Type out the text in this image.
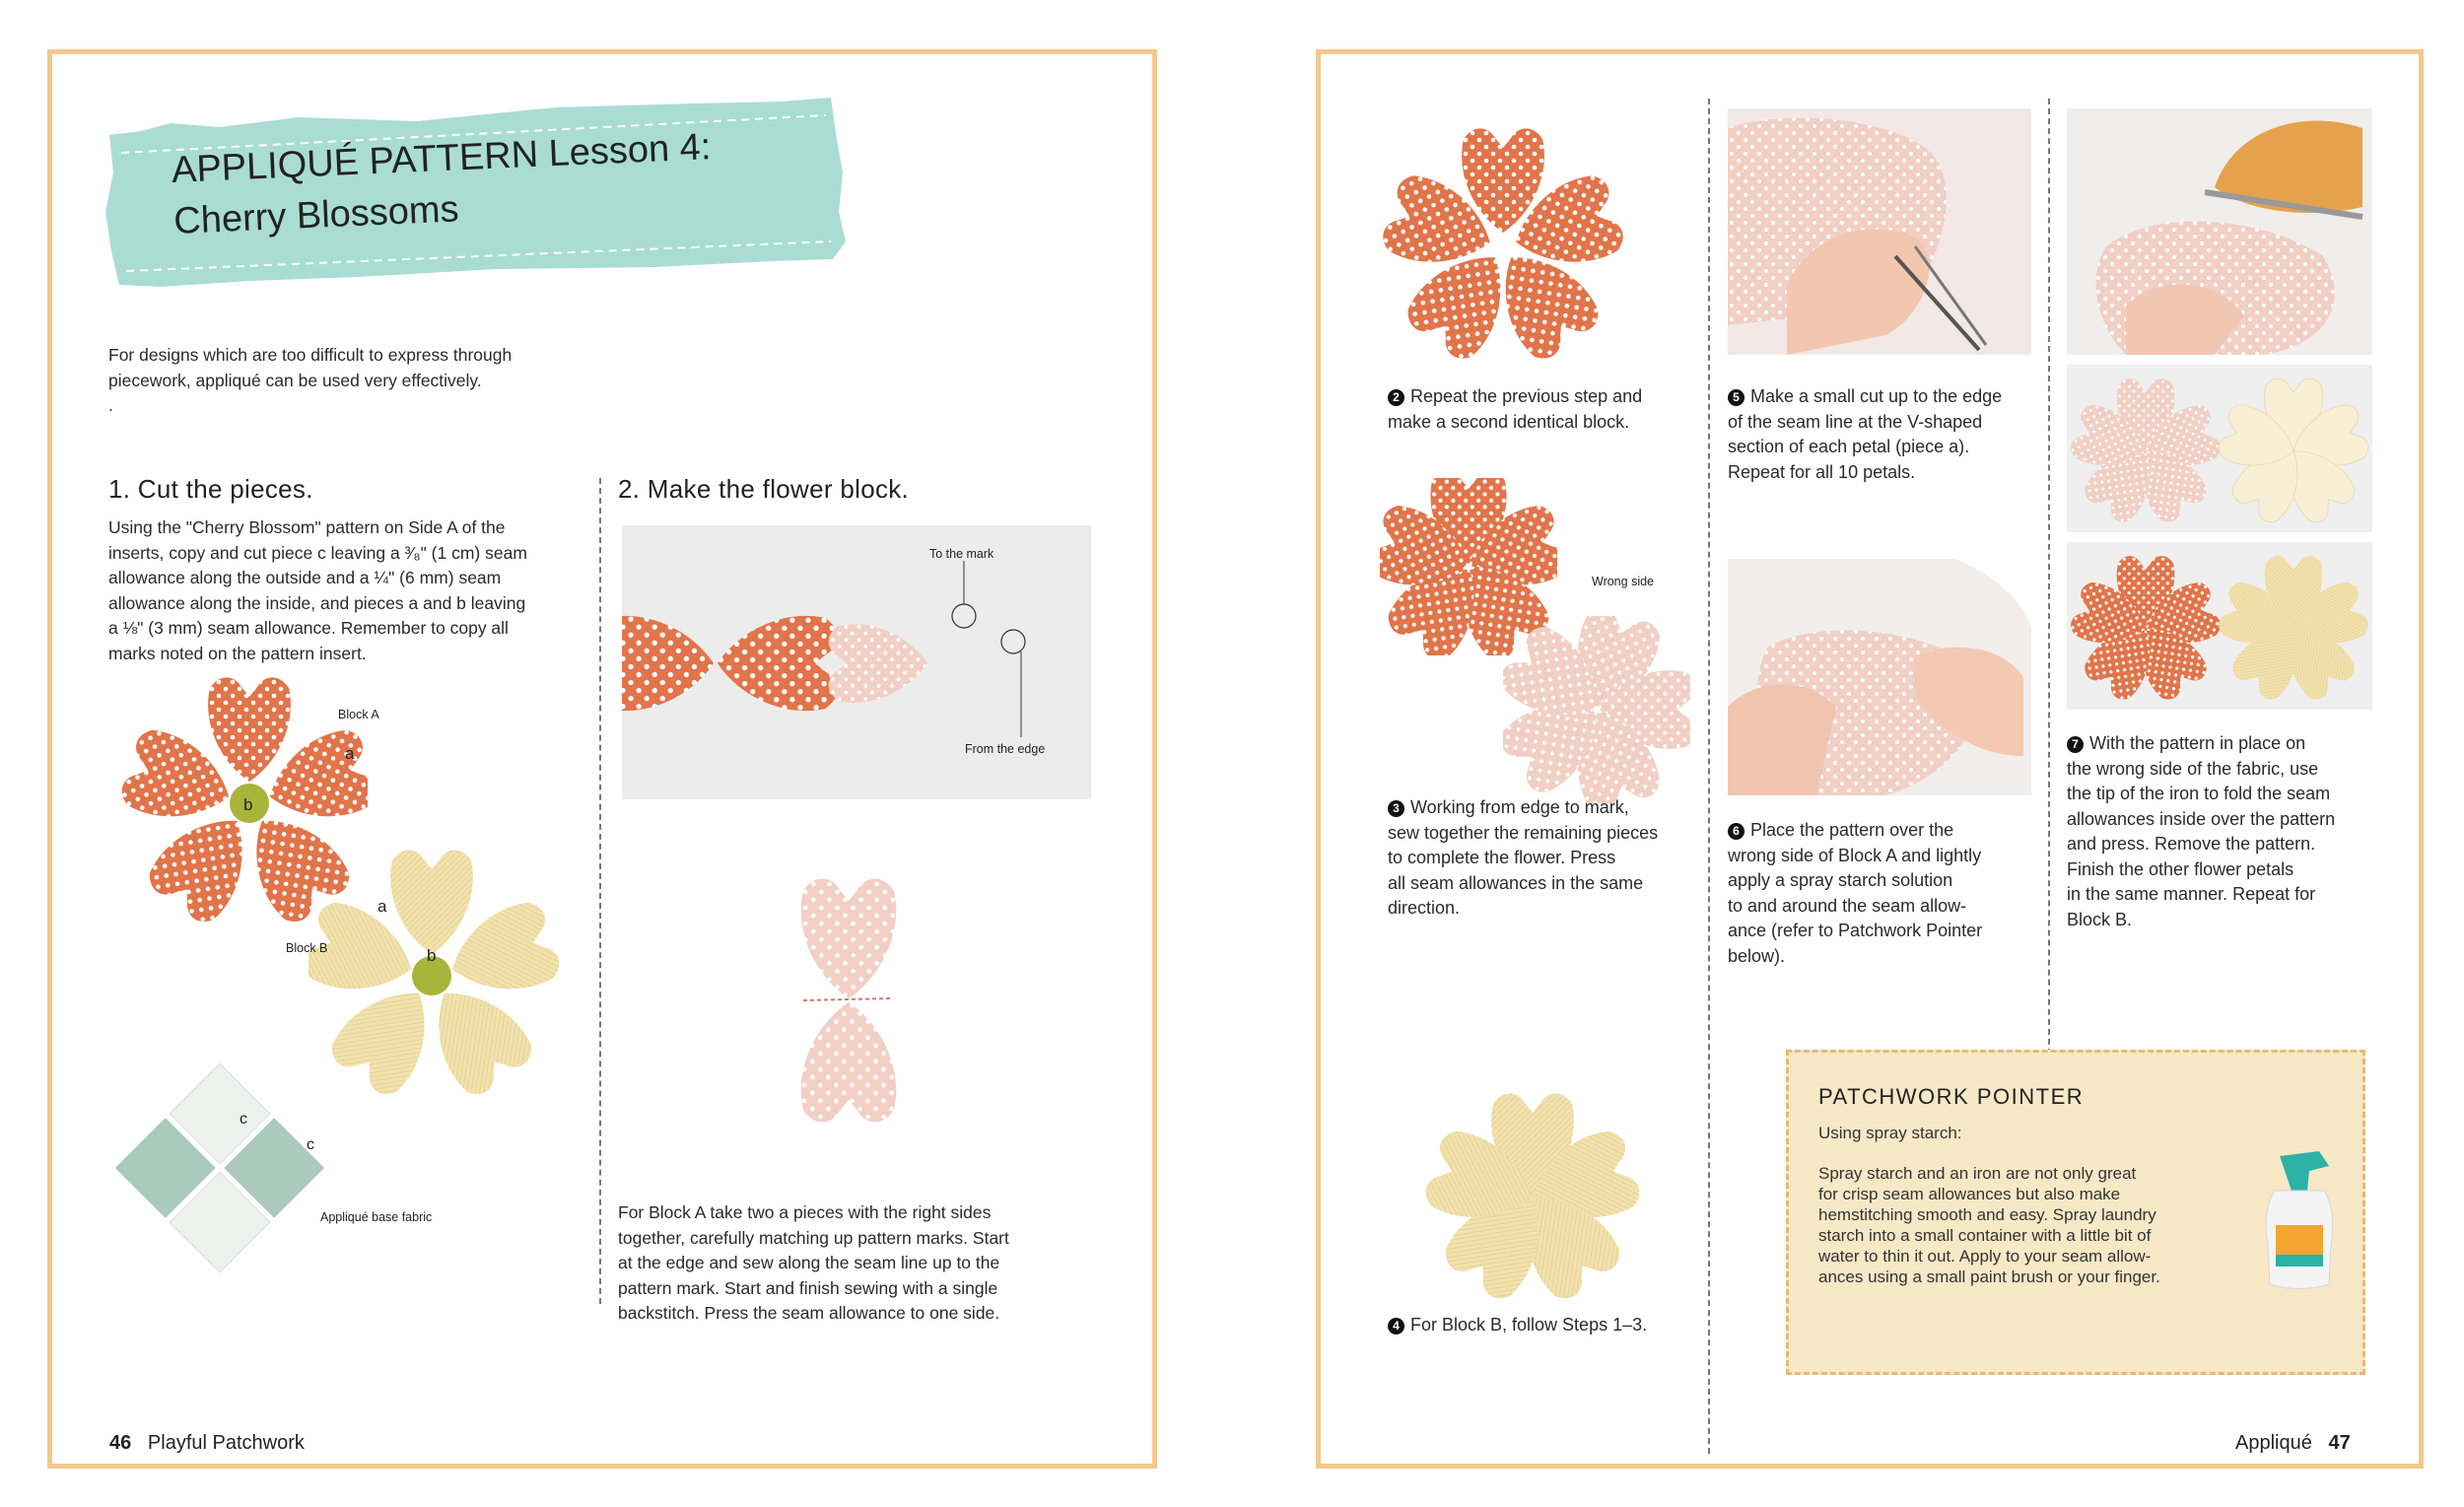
APPLIQUÉ PATTERN Lesson 4:
Cherry Blossoms
For designs which are too difficult to express through
piecework, appliqué can be used very effectively.
.
1. Cut the pieces.
Using the "Cherry Blossom" pattern on Side A of the
inserts, copy and cut piece c leaving a ³⁄₈" (1 cm) seam
allowance along the outside and a ¼" (6 mm) seam
allowance along the inside, and pieces a and b leaving
a ⅛" (3 mm) seam allowance. Remember to copy all
marks noted on the pattern insert.
Block A
a
b
a
b
Block B
c
c
Appliqué base fabric
2. Make the flower block.
To the mark
From the edge
For Block A take two a pieces with the right sides
together, carefully matching up pattern marks. Start
at the edge and sew along the seam line up to the
pattern mark. Start and finish sewing with a single
backstitch. Press the seam allowance to one side.
46 Playful Patchwork
2 Repeat the previous step and
make a second identical block.
Wrong side
3 Working from edge to mark,
sew together the remaining pieces
to complete the flower. Press
all seam allowances in the same
direction.
4 For Block B, follow Steps 1–3.
5 Make a small cut up to the edge
of the seam line at the V-shaped
section of each petal (piece a).
Repeat for all 10 petals.
6 Place the pattern over the
wrong side of Block A and lightly
apply a spray starch solution
to and around the seam allow-
ance (refer to Patchwork Pointer
below).
7 With the pattern in place on
the wrong side of the fabric, use
the tip of the iron to fold the seam
allowances inside over the pattern
and press. Remove the pattern.
Finish the other flower petals
in the same manner. Repeat for
Block B.
PATCHWORK POINTER
Using spray starch:
Spray starch and an iron are not only great
for crisp seam allowances but also make
hemstitching smooth and easy. Spray laundry
starch into a small container with a little bit of
water to thin it out. Apply to your seam allow-
ances using a small paint brush or your finger.
Appliqué 47
